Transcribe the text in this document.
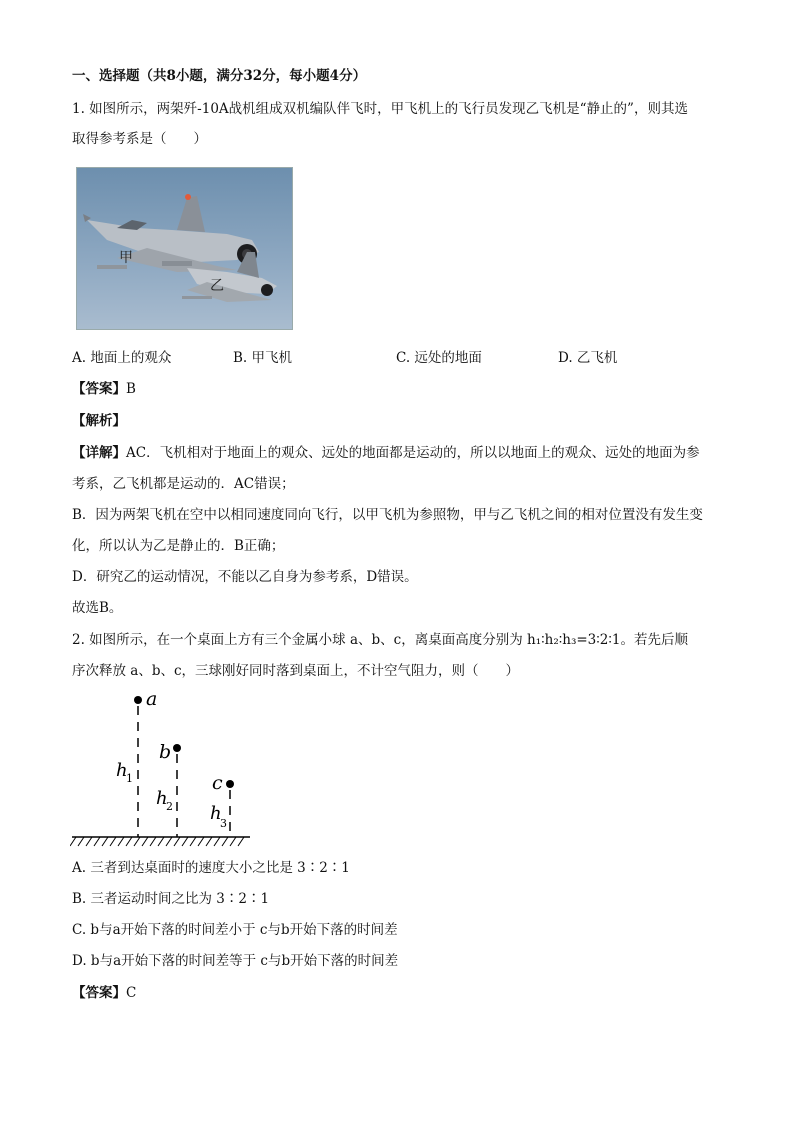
一、选择题（共8小题，满分32分，每小题4分）
1. 如图所示，两架歼-10A战机组成双机编队伴飞时，甲飞机上的飞行员发现乙飞机是“静止的”，则其选
取得参考系是（　　）
甲
乙
A. 地面上的观众	B. 甲飞机	C. 远处的地面	D. 乙飞机
【答案】B
【解析】
【详解】AC．飞机相对于地面上的观众、远处的地面都是运动的，所以以地面上的观众、远处的地面为参
考系，乙飞机都是运动的．AC错误；
B．因为两架飞机在空中以相同速度同向飞行，以甲飞机为参照物，甲与乙飞机之间的相对位置没有发生变
化，所以认为乙是静止的．B正确；
D．研究乙的运动情况，不能以乙自身为参考系，D错误。
故选B。
2. 如图所示，在一个桌面上方有三个金属小球 a、b、c，离桌面高度分别为 h₁∶h₂∶h₃=3∶2∶1。若先后顺
序次释放 a、b、c，三球刚好同时落到桌面上，不计空气阻力，则（　　）
a
b
c
h
1
h
2 h
3
A. 三者到达桌面时的速度大小之比是 3∶2∶1
B. 三者运动时间之比为 3∶2∶1
C. b与a开始下落的时间差小于 c与b开始下落的时间差
D. b与a开始下落的时间差等于 c与b开始下落的时间差
【答案】C
